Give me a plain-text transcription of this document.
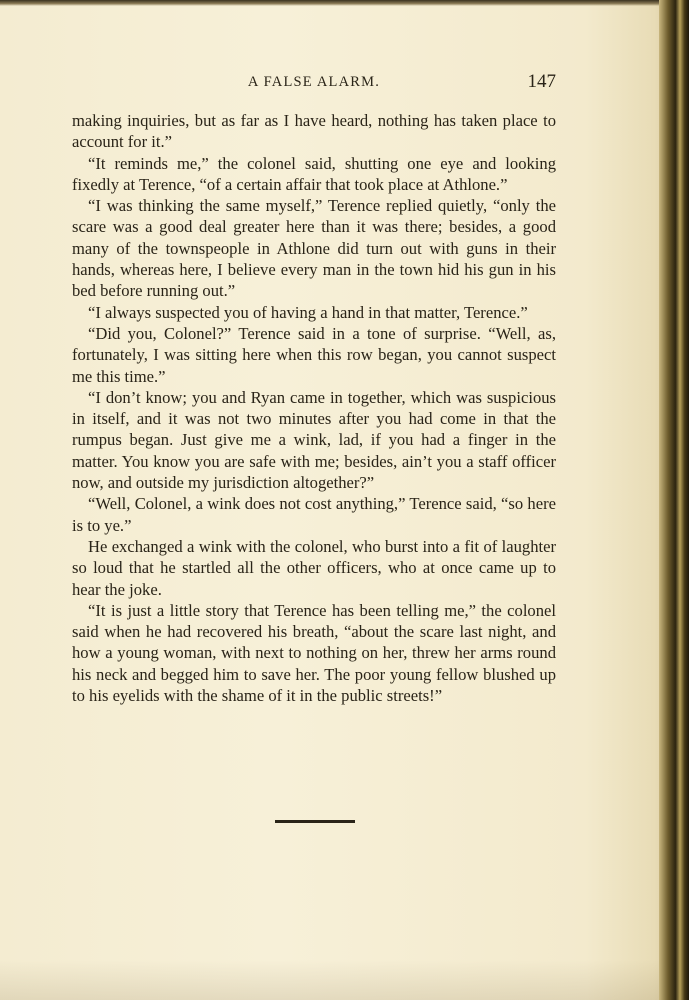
A FALSE ALARM.	147

making inquiries, but as far as I have heard, nothing has taken place to account for it.”

“It reminds me,” the colonel said, shutting one eye and looking fixedly at Terence, “of a certain affair that took place at Athlone.”

“I was thinking the same myself,” Terence replied quietly, “only the scare was a good deal greater here than it was there; besides, a good many of the townspeople in Athlone did turn out with guns in their hands, whereas here, I believe every man in the town hid his gun in his bed before running out.”

“I always suspected you of having a hand in that matter, Terence.”

“Did you, Colonel?” Terence said in a tone of surprise. “Well, as, fortunately, I was sitting here when this row began, you cannot suspect me this time.”

“I don’t know; you and Ryan came in together, which was suspicious in itself, and it was not two minutes after you had come in that the rumpus began. Just give me a wink, lad, if you had a finger in the matter. You know you are safe with me; besides, ain’t you a staff officer now, and outside my jurisdiction altogether?”

“Well, Colonel, a wink does not cost anything,” Terence said, “so here is to ye.”

He exchanged a wink with the colonel, who burst into a fit of laughter so loud that he startled all the other officers, who at once came up to hear the joke.

“It is just a little story that Terence has been telling me,” the colonel said when he had recovered his breath, “about the scare last night, and how a young woman, with next to nothing on her, threw her arms round his neck and begged him to save her. The poor young fellow blushed up to his eyelids with the shame of it in the public streets!”
